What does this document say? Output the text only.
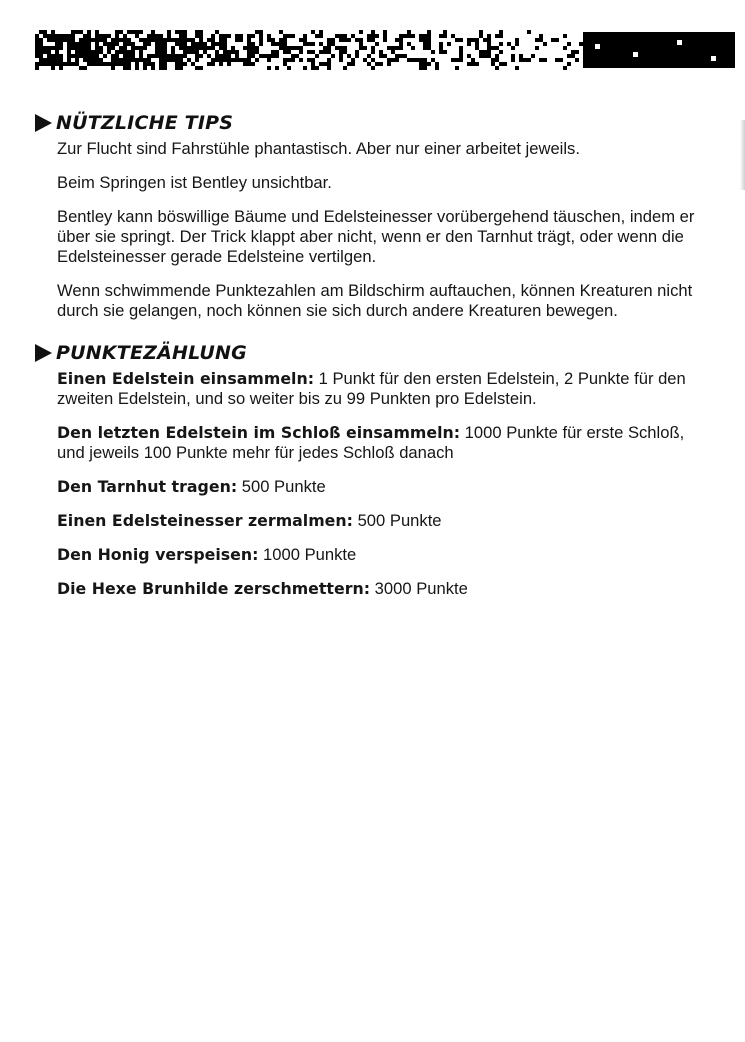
NÜTZLICHE TIPS

Zur Flucht sind Fahrstühle phantastisch. Aber nur einer arbeitet jeweils.

Beim Springen ist Bentley unsichtbar.

Bentley kann böswillige Bäume und Edelsteinesser vorübergehend täuschen, indem er über sie springt. Der Trick klappt aber nicht, wenn er den Tarnhut trägt, oder wenn die Edelsteinesser gerade Edelsteine vertilgen.

Wenn schwimmende Punktezahlen am Bildschirm auftauchen, können Kreaturen nicht durch sie gelangen, noch können sie sich durch andere Kreaturen bewegen.

PUNKTEZÄHLUNG

Einen Edelstein einsammeln: 1 Punkt für den ersten Edelstein, 2 Punkte für den zweiten Edelstein, und so weiter bis zu 99 Punkten pro Edelstein.

Den letzten Edelstein im Schloß einsammeln: 1000 Punkte für erste Schloß, und jeweils 100 Punkte mehr für jedes Schloß danach

Den Tarnhut tragen: 500 Punkte

Einen Edelsteinesser zermalmen: 500 Punkte

Den Honig verspeisen: 1000 Punkte

Die Hexe Brunhilde zerschmettern: 3000 Punkte
